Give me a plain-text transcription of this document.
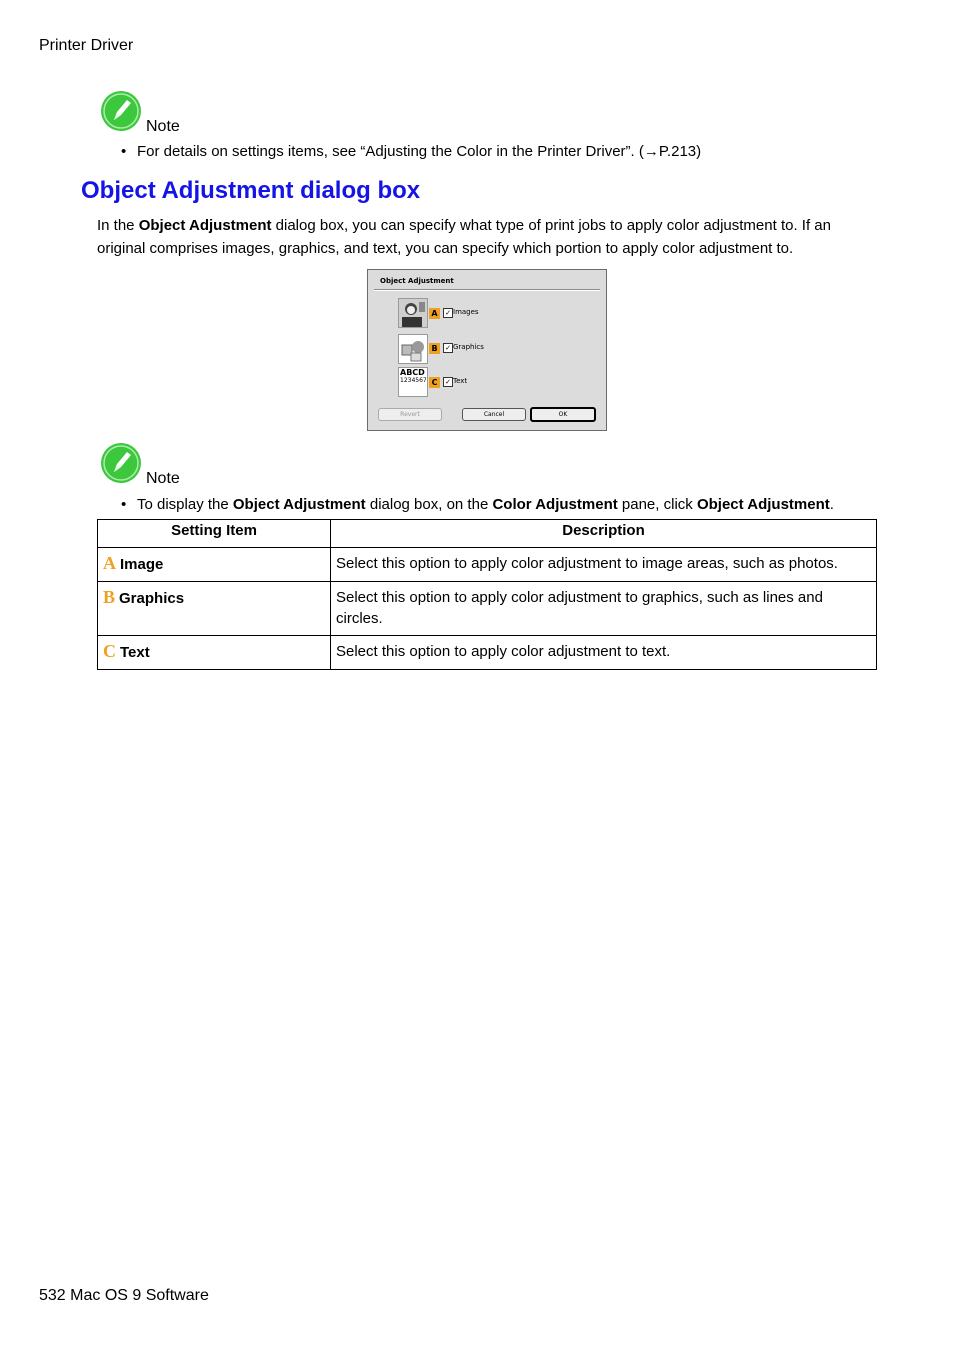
Printer Driver
Note
• For details on settings items, see “Adjusting the Color in the Printer Driver”. (→P.213)
Object Adjustment dialog box
In the Object Adjustment dialog box, you can specify what type of print jobs to apply color adjustment to. If an original comprises images, graphics, and text, you can specify which portion to apply color adjustment to.
Object Adjustment
A	✓ Images
B	✓ Graphics
ABCD
1234567 C	✓ Text
Revert	Cancel	OK
Note
• To display the Object Adjustment dialog box, on the Color Adjustment pane, click Object Adjustment.
Setting Item	Description
A Image	Select this option to apply color adjustment to image areas, such as photos.
B Graphics	Select this option to apply color adjustment to graphics, such as lines and circles.
C Text	Select this option to apply color adjustment to text.
532 Mac OS 9 Software
